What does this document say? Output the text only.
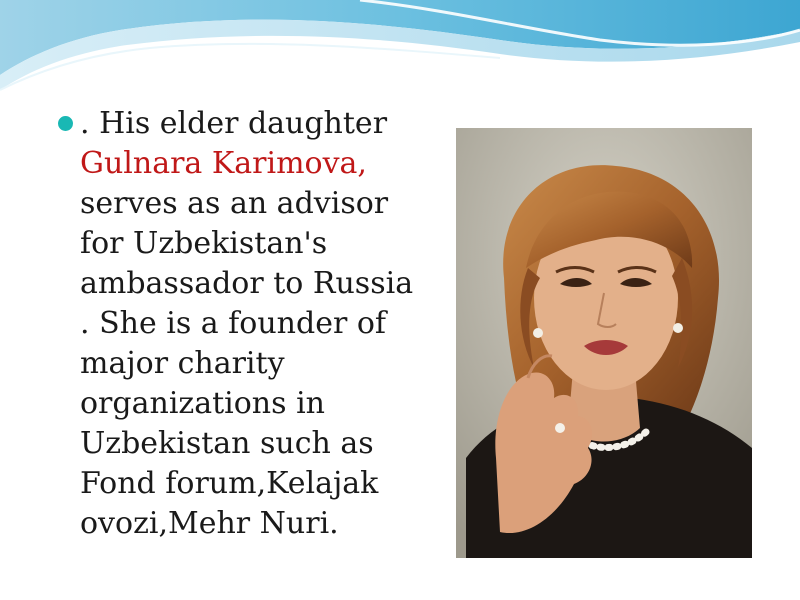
. His elder daughter Gulnara Karimova, serves as an advisor for Uzbekistan's ambassador to Russia . She is a founder of major charity organizations in Uzbekistan such as Fond forum,Kelajak ovozi,Mehr Nuri.
